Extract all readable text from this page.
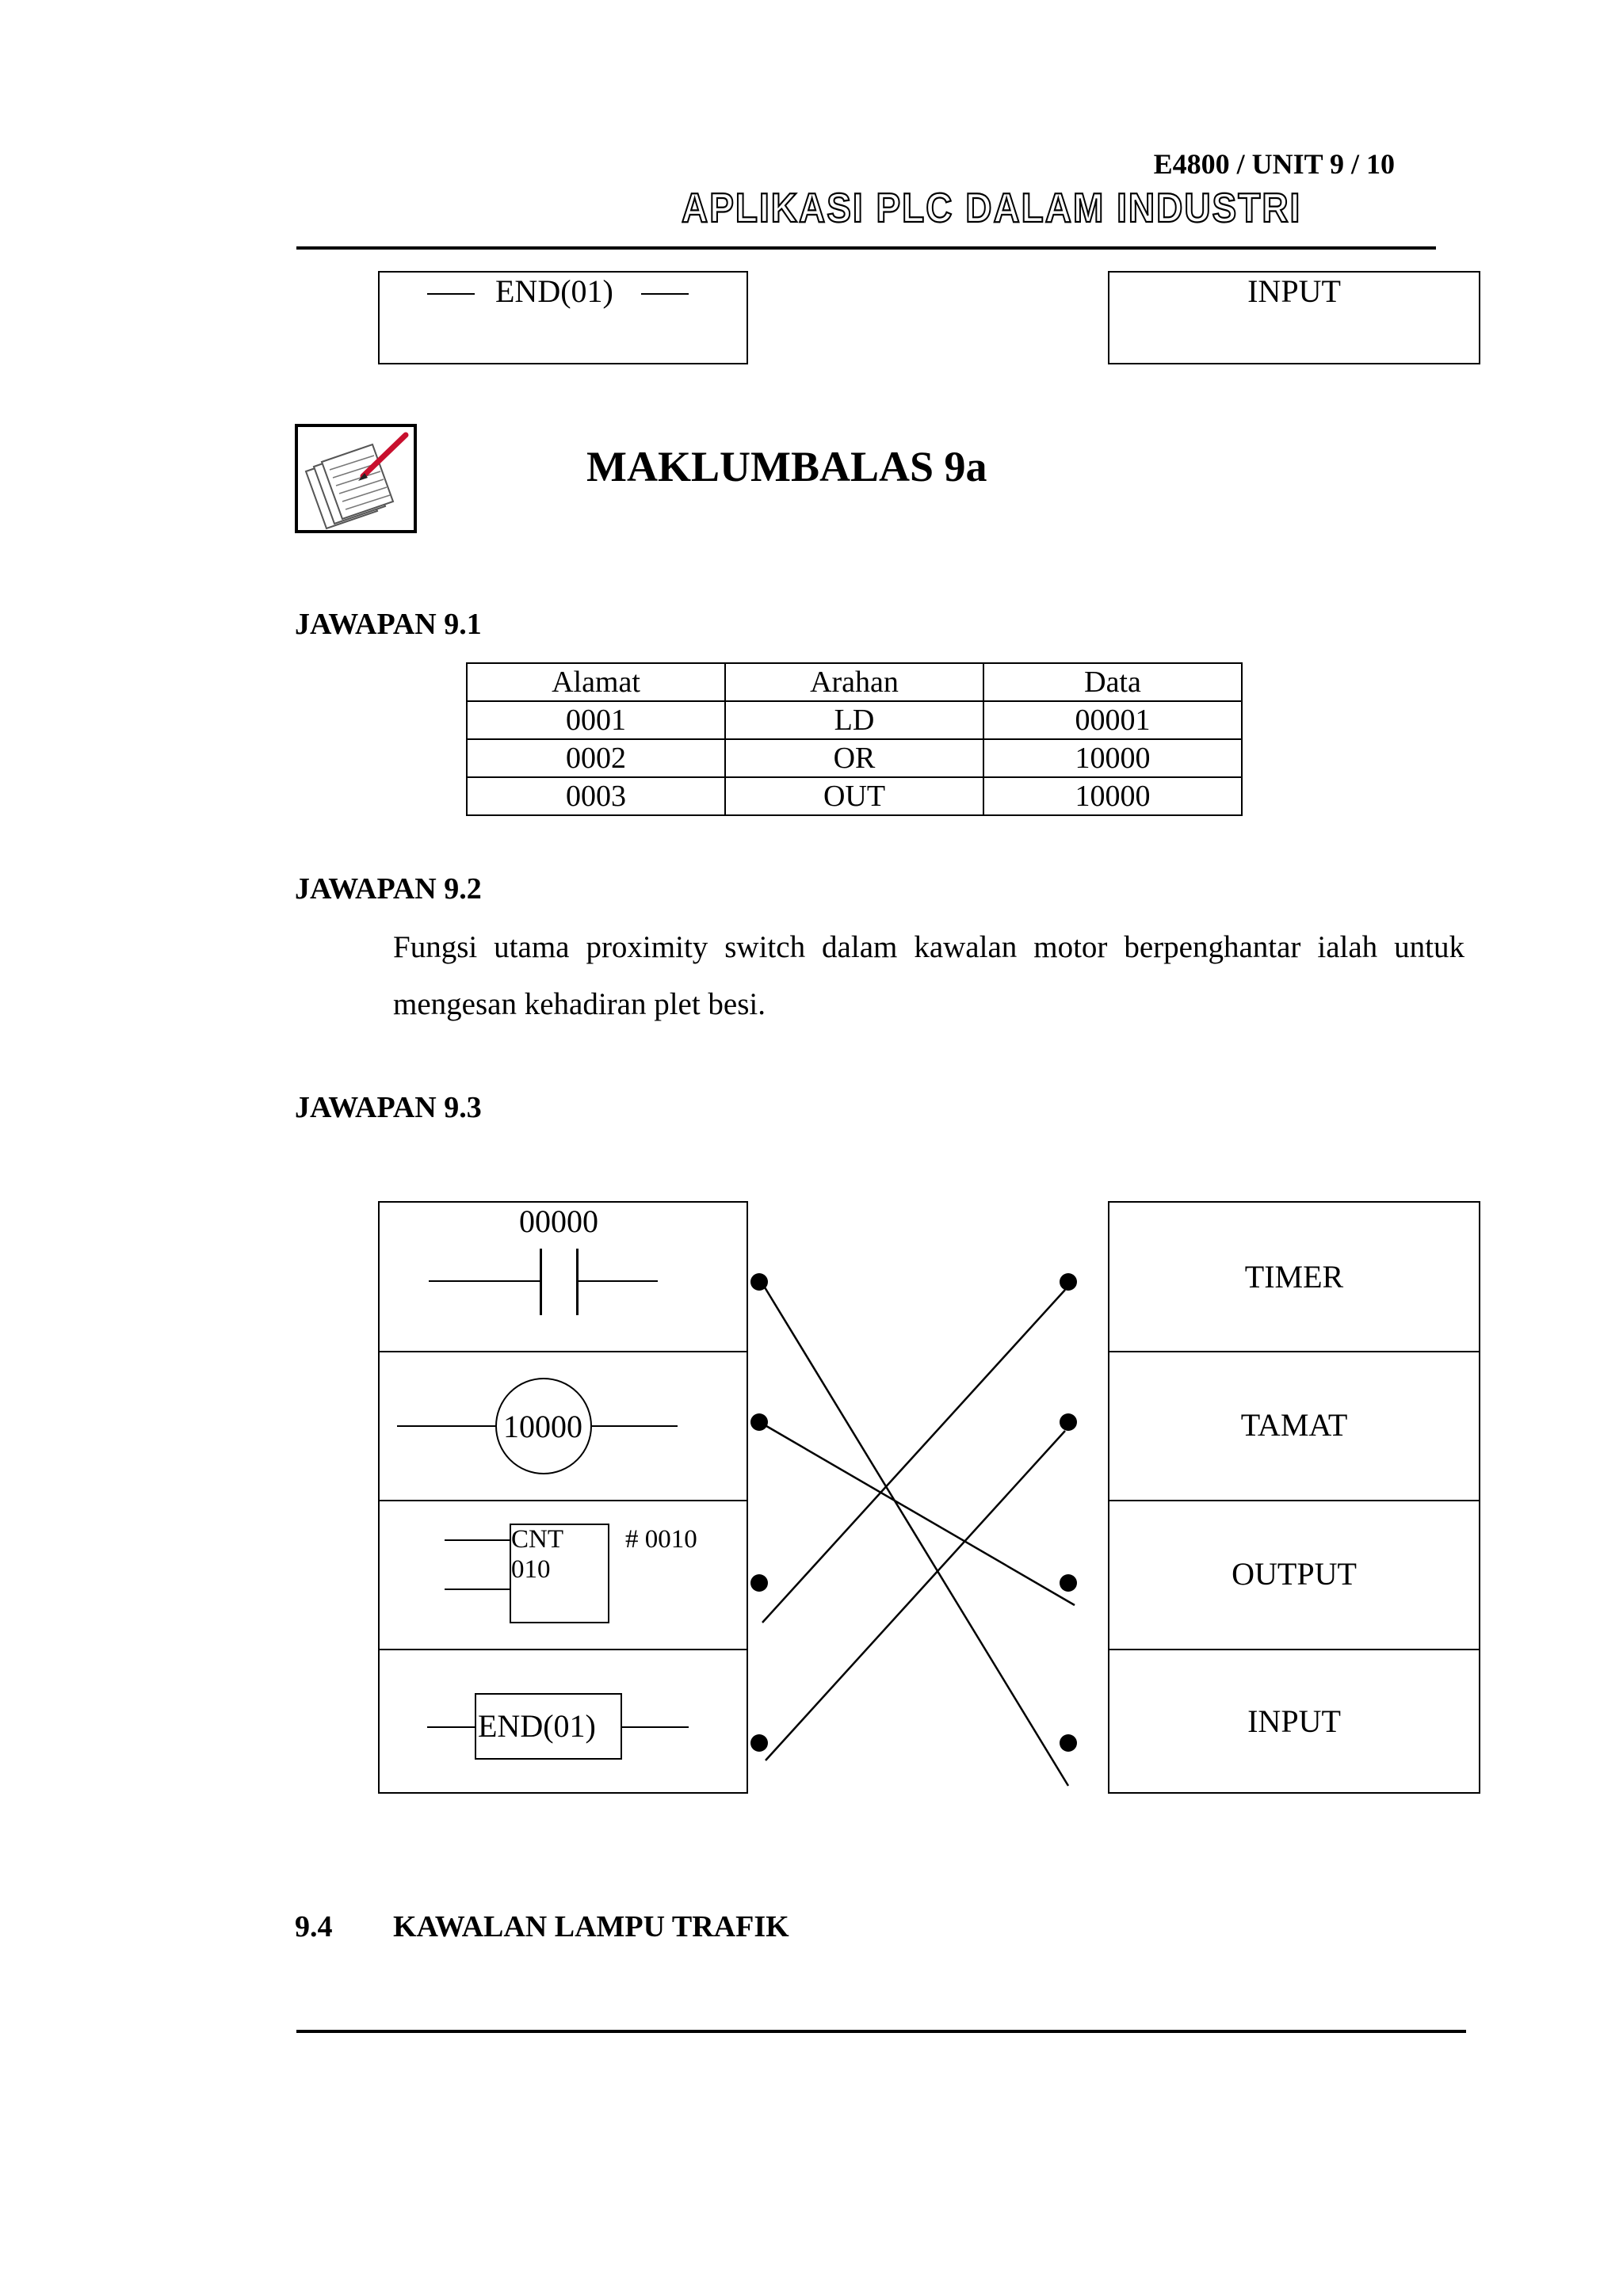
E4800 / UNIT 9 / 10
APLIKASI PLC DALAM INDUSTRI
END(01)	INPUT
MAKLUMBALAS 9a
JAWAPAN 9.1
Alamat	Arahan	Data
0001	LD	00001
0002	OR	10000
0003	OUT	10000
JAWAPAN 9.2
Fungsi utama proximity switch dalam kawalan motor berpenghantar ialah untuk mengesan kehadiran plet besi.
JAWAPAN 9.3
00000
10000
CNT
010
# 0010
END(01)
TIMER
TAMAT
OUTPUT
INPUT
9.4 KAWALAN LAMPU TRAFIK
